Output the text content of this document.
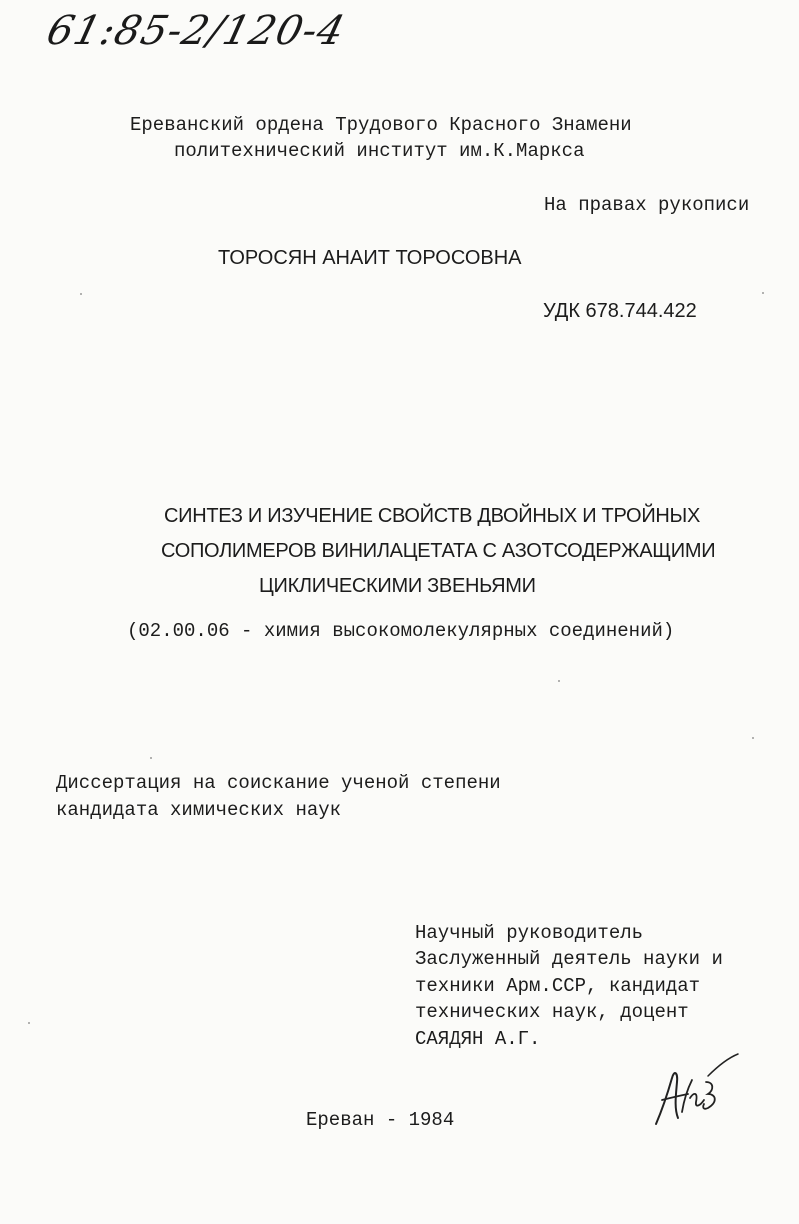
61:85-2/120-4
Ереванский ордена Трудового Красного Знамени
политехнический институт им.К.Маркса
На правах рукописи
ТОРОСЯН АНАИТ ТОРОСОВНА
УДК 678.744.422
СИНТЕЗ И ИЗУЧЕНИЕ СВОЙСТВ ДВОЙНЫХ И ТРОЙНЫХ
СОПОЛИМЕРОВ ВИНИЛАЦЕТАТА С АЗОТСОДЕРЖАЩИМИ
ЦИКЛИЧЕСКИМИ ЗВЕНЬЯМИ
(02.00.06 - химия высокомолекулярных соединений)
Диссертация на соискание ученой степени
кандидата химических наук
Научный руководитель
Заслуженный деятель науки и
техники Арм.ССР, кандидат
технических наук, доцент
САЯДЯН А.Г.
Ереван - 1984
